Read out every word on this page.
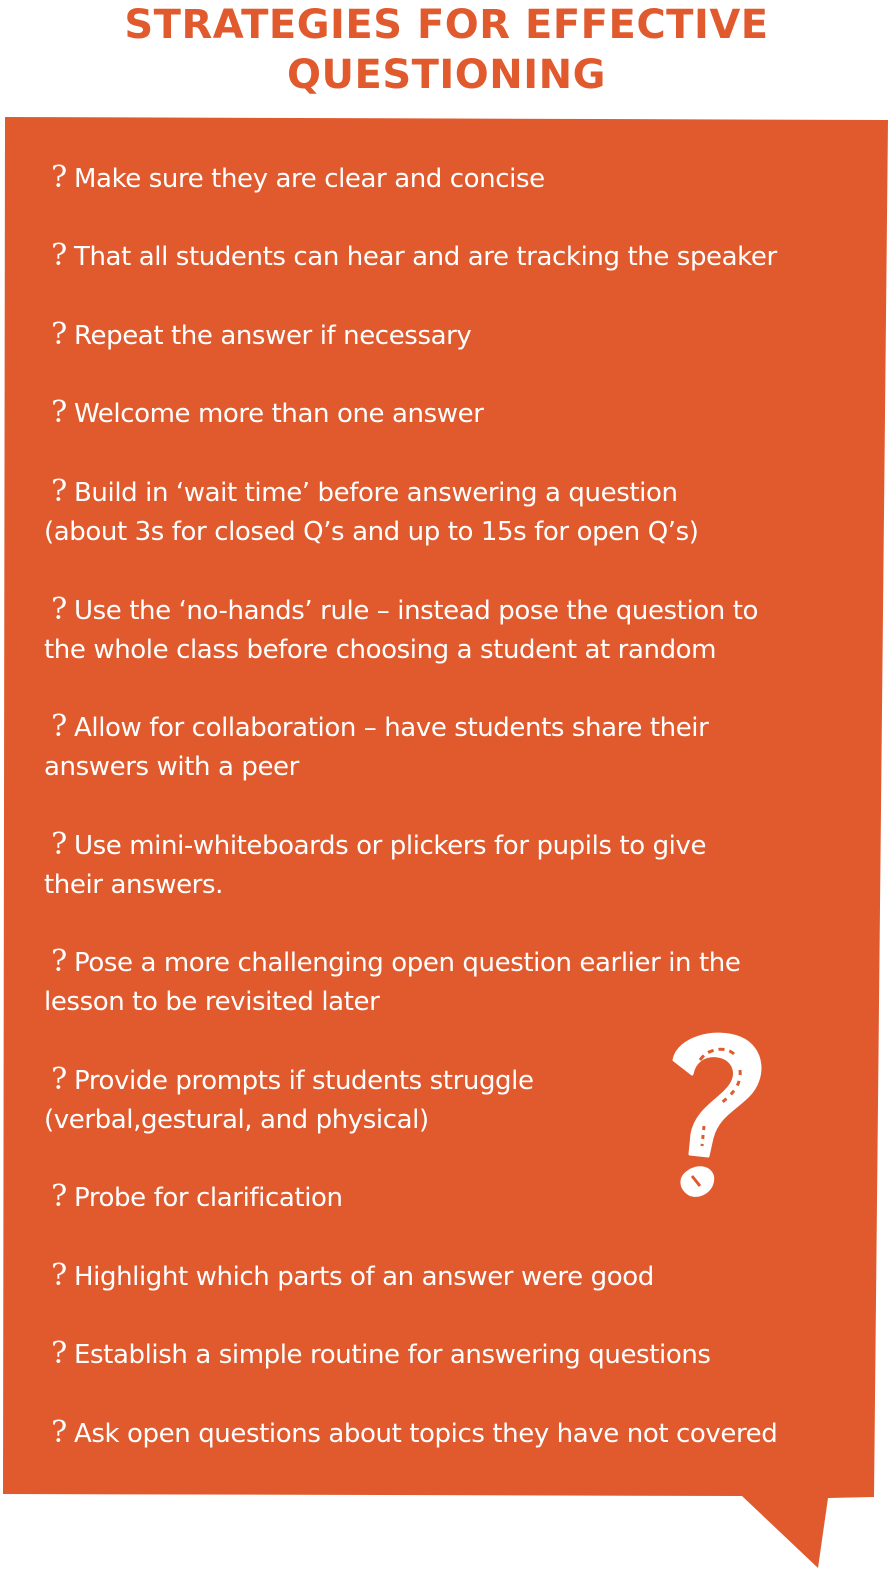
STRATEGIES FOR EFFECTIVE
QUESTIONING
? Make sure they are clear and concise
? That all students can hear and are tracking the speaker
? Repeat the answer if necessary
? Welcome more than one answer
? Build in ‘wait time’ before answering a question
(about 3s for closed Q’s and up to 15s for open Q’s)
? Use the ‘no-hands’ rule – instead pose the question to
the whole class before choosing a student at random
? Allow for collaboration – have students share their
answers with a peer
? Use mini-whiteboards or plickers for pupils to give
their answers.
? Pose a more challenging open question earlier in the
lesson to be revisited later
? Provide prompts if students struggle
(verbal,gestural, and physical)
? Probe for clarification
? Highlight which parts of an answer were good
? Establish a simple routine for answering questions
? Ask open questions about topics they have not covered
